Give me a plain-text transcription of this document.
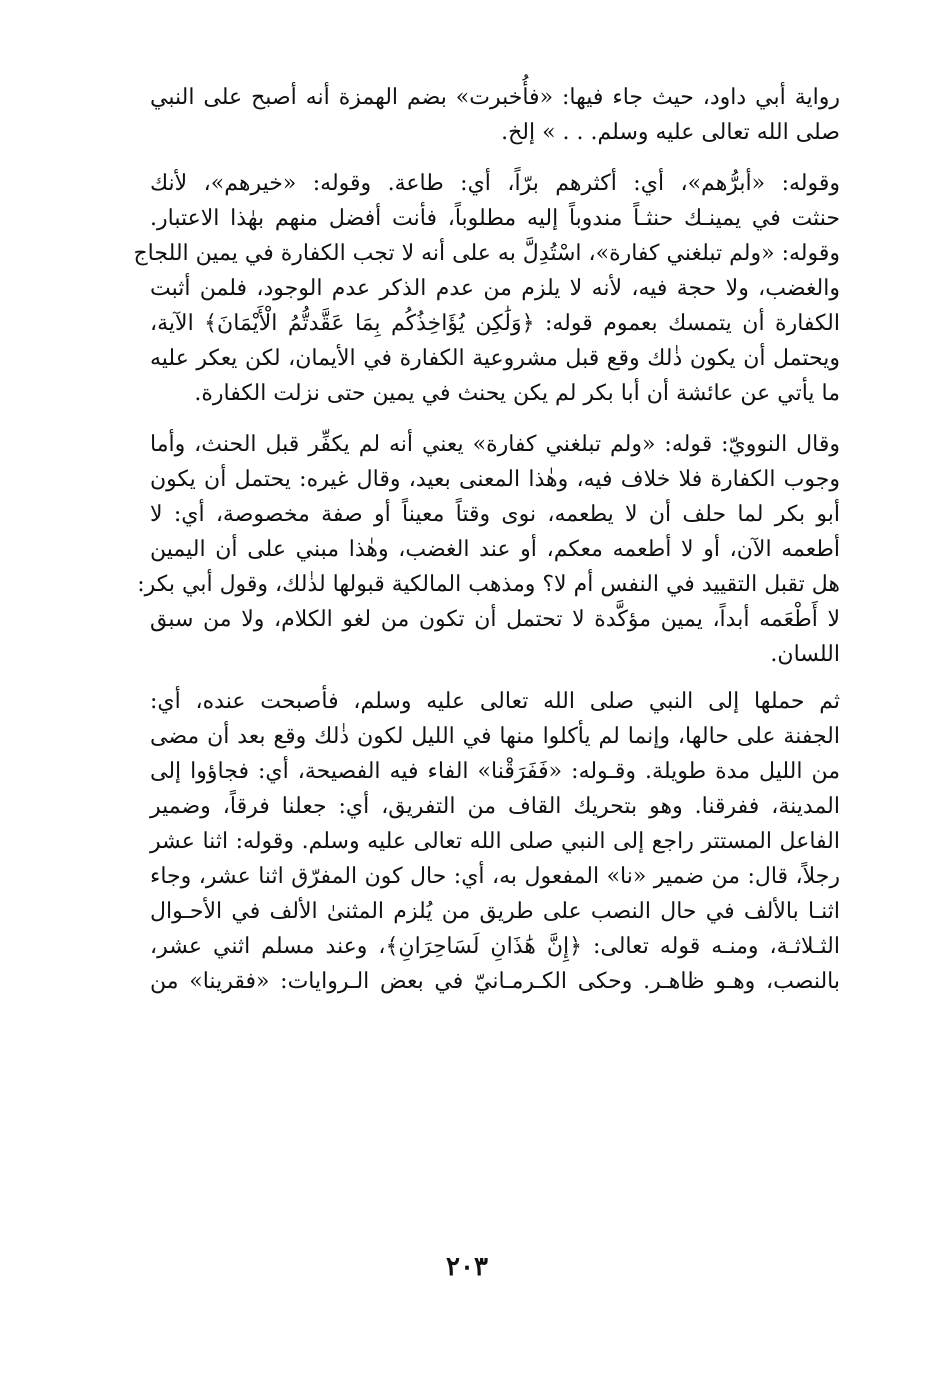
رواية أبي داود، حيث جاء فيها: «فأُخبرت» بضم الهمزة أنه أصبح على النبي
صلى الله تعالى عليه وسلم. . . » إلخ.
وقوله: «أبرُّهم»، أي: أكثرهم برّاً، أي: طاعة. وقوله: «خيرهم»، لأنك
حنثت في يمينـك حنثـاً مندوباً إليه مطلوباً، فأنت أفضل منهم بهٰذا الاعتبار.
وقوله: «ولم تبلغني كفارة»، اسْتُدِلَّ به على أنه لا تجب الكفارة في يمين اللجاج
والغضب، ولا حجة فيه، لأنه لا يلزم من عدم الذكر عدم الوجود، فلمن أثبت
الكفارة أن يتمسك بعموم قوله: ﴿وَلَٰكِن يُؤَاخِذُكُم بِمَا عَقَّدتُّمُ الْأَيْمَانَ﴾ الآية،
ويحتمل أن يكون ذٰلك وقع قبل مشروعية الكفارة في الأيمان، لكن يعكر عليه
ما يأتي عن عائشة أن أبا بكر لم يكن يحنث في يمين حتى نزلت الكفارة.
وقال النوويّ: قوله: «ولم تبلغني كفارة» يعني أنه لم يكفِّر قبل الحنث، وأما
وجوب الكفارة فلا خلاف فيه، وهٰذا المعنى بعيد، وقال غيره: يحتمل أن يكون
أبو بكر لما حلف أن لا يطعمه، نوى وقتاً معيناً أو صفة مخصوصة، أي: لا
أطعمه الآن، أو لا أطعمه معكم، أو عند الغضب، وهٰذا مبني على أن اليمين
هل تقبل التقييد في النفس أم لا؟ ومذهب المالكية قبولها لذٰلك، وقول أبي بكر:
لا أَطْعَمه أبداً، يمين مؤكَّدة لا تحتمل أن تكون من لغو الكلام، ولا من سبق
اللسان.
ثم حملها إلى النبي صلى الله تعالى عليه وسلم، فأصبحت عنده، أي:
الجفنة على حالها، وإنما لم يأكلوا منها في الليل لكون ذٰلك وقع بعد أن مضى
من الليل مدة طويلة. وقـوله: «فَفَرَقْنا» الفاء فيه الفصيحة، أي: فجاؤوا إلى
المدينة، ففرقنا. وهو بتحريك القاف من التفريق، أي: جعلنا فرقاً، وضمير
الفاعل المستتر راجع إلى النبي صلى الله تعالى عليه وسلم. وقوله: اثنا عشر
رجلاً، قال: من ضمير «نا» المفعول به، أي: حال كون المفرّق اثنا عشر، وجاء
اثنـا بالألف في حال النصب على طريق من يُلزم المثنىٰ الألف في الأحـوال
الثـلاثـة، ومنـه قوله تعالى: ﴿إِنَّ هَٰذَانِ لَسَاحِرَانِ﴾، وعند مسلم اثني عشر،
بالنصب، وهـو ظاهـر. وحكى الكـرمـانيّ في بعض الـروايات: «فقرينا» من
٢٠٣
